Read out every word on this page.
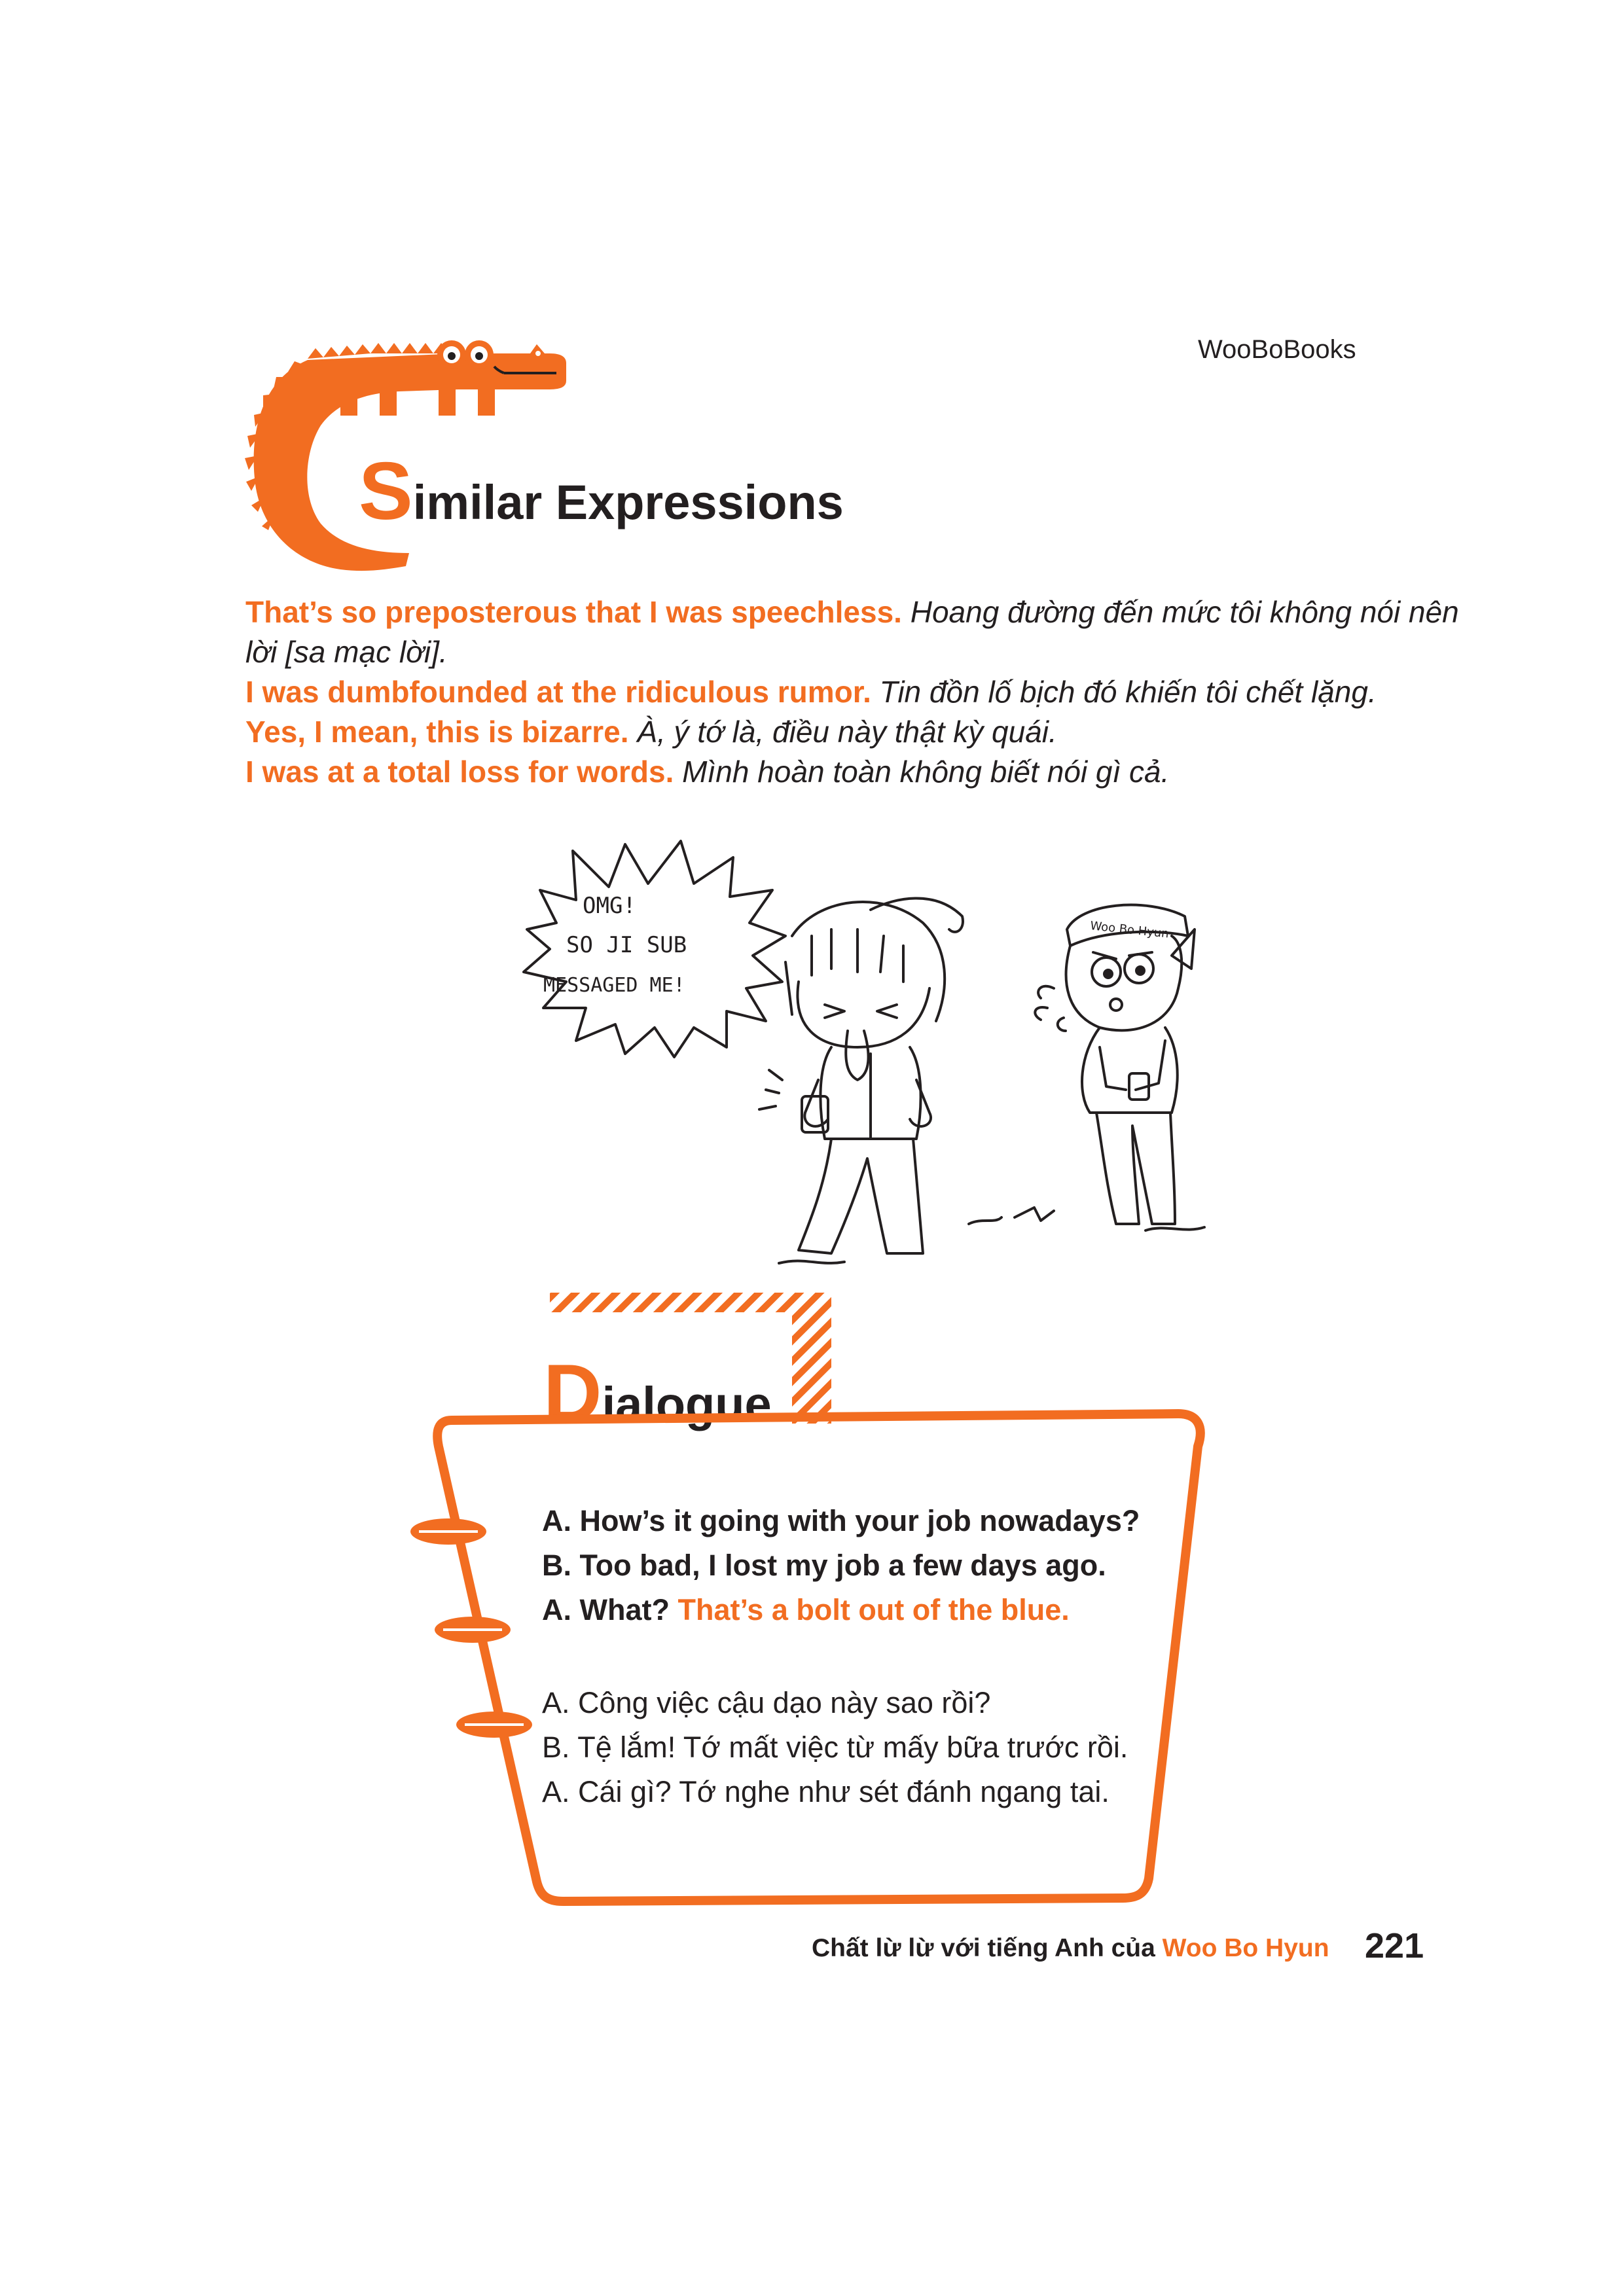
WooBoBooks
Similar Expressions
That’s so preposterous that I was speechless. Hoang đường đến mức tôi không nói nên lời [sa mạc lời].
I was dumbfounded at the ridiculous rumor. Tin đồn lố bịch đó khiến tôi chết lặng.
Yes, I mean, this is bizarre. À, ý tớ là, điều này thật kỳ quái.
I was at a total loss for words. Mình hoàn toàn không biết nói gì cả.
OMG!
SO JI SUB
MESSAGED ME!
Woo Bo Hyun
Dialogue
A. How’s it going with your job nowadays?
B. Too bad, I lost my job a few days ago.
A. What? That’s a bolt out of the blue.
A. Công việc cậu dạo này sao rồi?
B. Tệ lắm! Tớ mất việc từ mấy bữa trước rồi.
A. Cái gì? Tớ nghe như sét đánh ngang tai.
Chất lừ lừ với tiếng Anh của Woo Bo Hyun 221
